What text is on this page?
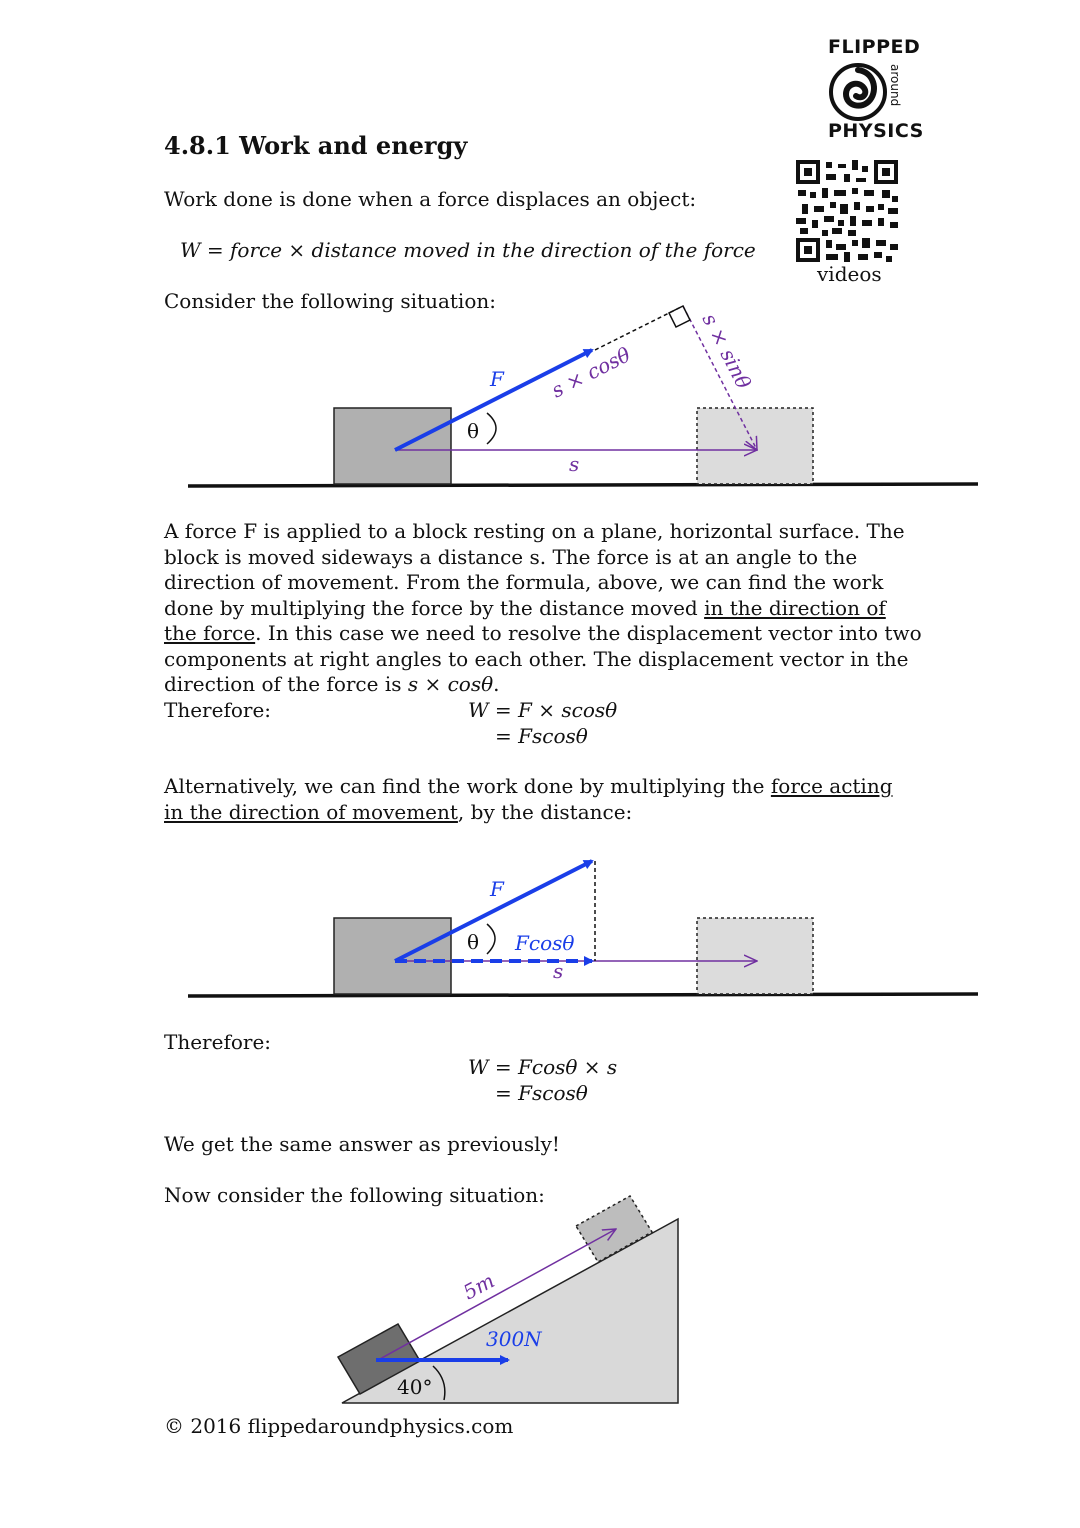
FLIPPED
around
PHYSICS
videos
4.8.1 Work and energy
Work done is done when a force displaces an object:
W = force × distance moved in the direction of the force
Consider the following situation:
F
θ
s × cosθ	s × sinθ
s
A force F is applied to a block resting on a plane, horizontal surface. The block is moved sideways a distance s. The force is at an angle to the direction of movement. From the formula, above, we can find the work done by multiplying the force by the distance moved in the direction of the force. In this case we need to resolve the displacement vector into two components at right angles to each other. The displacement vector in the direction of the force is s × cosθ.
Therefore:	W = F × scosθ
= Fscosθ
Alternatively, we can find the work done by multiplying the force acting in the direction of movement, by the distance:
F
θ Fcosθ
s
Therefore:
W = Fcosθ × s
= Fscosθ
We get the same answer as previously!
Now consider the following situation:
5m
300N
40°
© 2016 flippedaroundphysics.com
